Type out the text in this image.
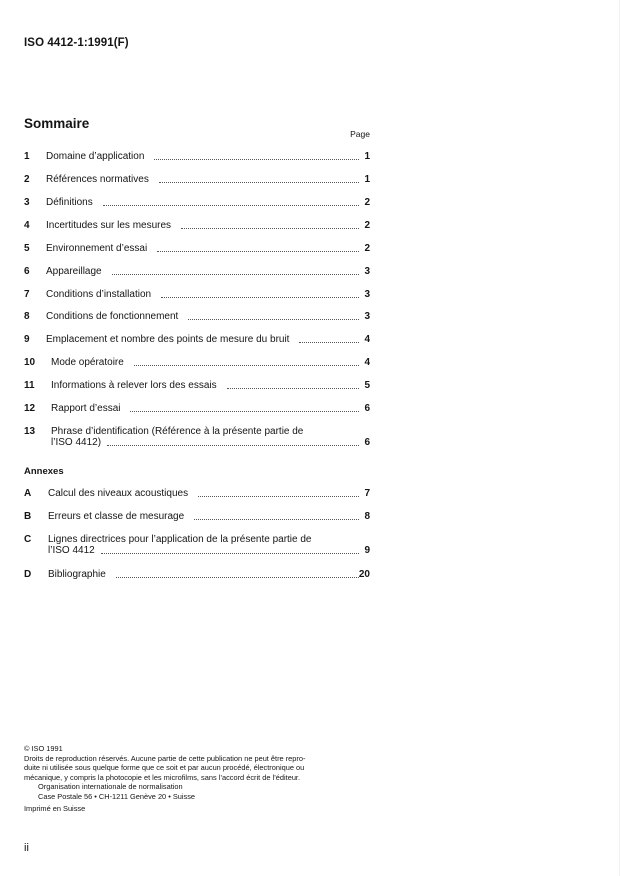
ISO 4412-1:1991(F)
Sommaire
Page
1 Domaine d’application	1
2 Références normatives	1
3 Définitions	2
4 Incertitudes sur les mesures	2
5 Environnement d’essai	2
6 Appareillage	3
7 Conditions d’installation	3
8 Conditions de fonctionnement	3
9 Emplacement et nombre des points de mesure du bruit	4
10 Mode opératoire	4
11 Informations à relever lors des essais	5
12 Rapport d’essai	6
13 Phrase d’identification (Référence à la présente partie de
l’ISO 4412)	6
Annexes
A Calcul des niveaux acoustiques	7
B Erreurs et classe de mesurage	8
C Lignes directrices pour l’application de la présente partie de
l’ISO 4412	9
D Bibliographie	20
© ISO 1991
Droits de reproduction réservés. Aucune partie de cette publication ne peut être repro-
duite ni utilisée sous quelque forme que ce soit et par aucun procédé, électronique ou
mécanique, y compris la photocopie et les microfilms, sans l’accord écrit de l’éditeur.
Organisation internationale de normalisation
Case Postale 56 • CH-1211 Genève 20 • Suisse
Imprimé en Suisse
ii
